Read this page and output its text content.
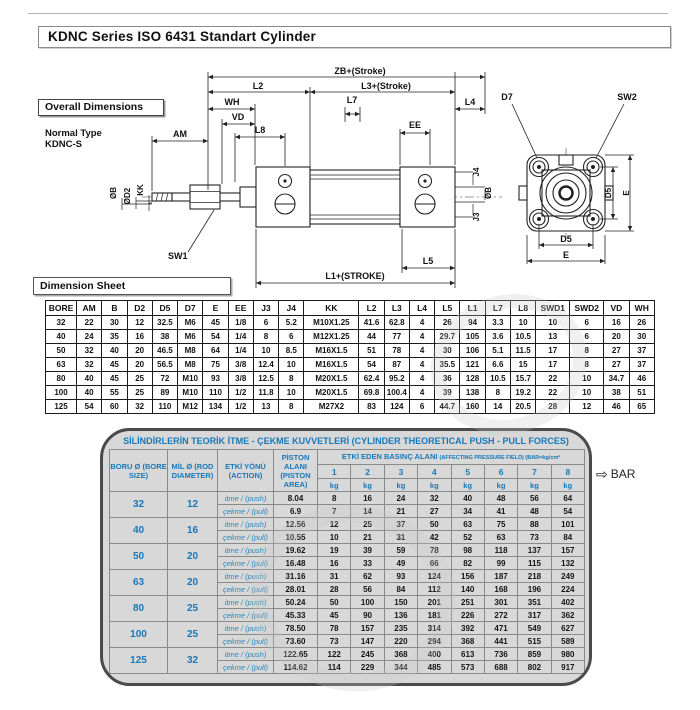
KDNC Series ISO 6431 Standart Cylinder
ZB+(Stroke)
L2	L3+(Stroke)
L4
WH
VD
L8
L7
AM
EE
D7	SW2
SW1	L5
L1+(STROKE)
J4
ØB
J3
ØB ØD2 KK	D5 E
D5
E
Overall Dimensions
Normal Type
KDNC-S
Dimension Sheet
BORE	AM	B	D2	D5	D7	E	EE	J3	J4	KK	L2	L3	L4	L5	L1	L7	L8	SWD1	SWD2	VD	WH
32	22	30	12	32.5	M6	45	1/8	6	5.2	M10X1.25	41.6	62.8	4	26	94	3.3	10	10	6	16	26
40	24	35	16	38	M6	54	1/4	8	6	M12X1.25	44	77	4	29.7	105	3.6	10.5	13	6	20	30
50	32	40	20	46.5	M8	64	1/4	10	8.5	M16X1.5	51	78	4	30	106	5.1	11.5	17	8	27	37
63	32	45	20	56.5	M8	75	3/8	12.4	10	M16X1.5	54	87	4	35.5	121	6.6	15	17	8	27	37
80	40	45	25	72	M10	93	3/8	12.5	8	M20X1.5	62.4	95.2	4	36	128	10.5	15.7	22	10	34.7	46
100	40	55	25	89	M10	110	1/2	11.8	10	M20X1.5	69.8	100.4	4	39	138	8	19.2	22	10	38	51
125	54	60	32	110	M12	134	1/2	13	8	M27X2	83	124	6	44.7	160	14	20.5	28	12	46	65
SİLİNDİRLERİN TEORİK İTME - ÇEKME KUVVETLERİ (CYLINDER THEORETICAL PUSH - PULL FORCES)
BORU Ø (BORE SIZE)	MİL Ø (ROD DIAMETER)	ETKİ YÖNÜ (ACTION)	PİSTON ALANI (PISTON AREA)	ETKİ EDEN BASINÇ ALANI (AFFECTING PRESSURE FIELD) (BAR=kg/cm²							
				1	2	3	4	5	6	7	8
				kg	kg	kg	kg	kg	kg	kg	kg
32	12	itme / (push)	8.04	8	16	24	32	40	48	56	64
		çekme / (pull)	6.9	7	14	21	27	34	41	48	54
40	16	itme / (push)	12.56	12	25	37	50	63	75	88	101
		çekme / (pull)	10.55	10	21	31	42	52	63	73	84
50	20	itme / (push)	19.62	19	39	59	78	98	118	137	157
		çekme / (pull)	16.48	16	33	49	66	82	99	115	132
63	20	itme / (push)	31.16	31	62	93	124	156	187	218	249
		çekme / (pull)	28.01	28	56	84	112	140	168	196	224
80	25	itme / (push)	50.24	50	100	150	201	251	301	351	402
		çekme / (pull)	45.33	45	90	136	181	226	272	317	362
100	25	itme / (push)	78.50	78	157	235	314	392	471	549	627
		çekme / (pull)	73.60	73	147	220	294	368	441	515	589
125	32	itme / (push)	122.65	122	245	368	400	613	736	859	980
		çekme / (pull)	114.62	114	229	344	485	573	688	802	917
⇨ BAR
